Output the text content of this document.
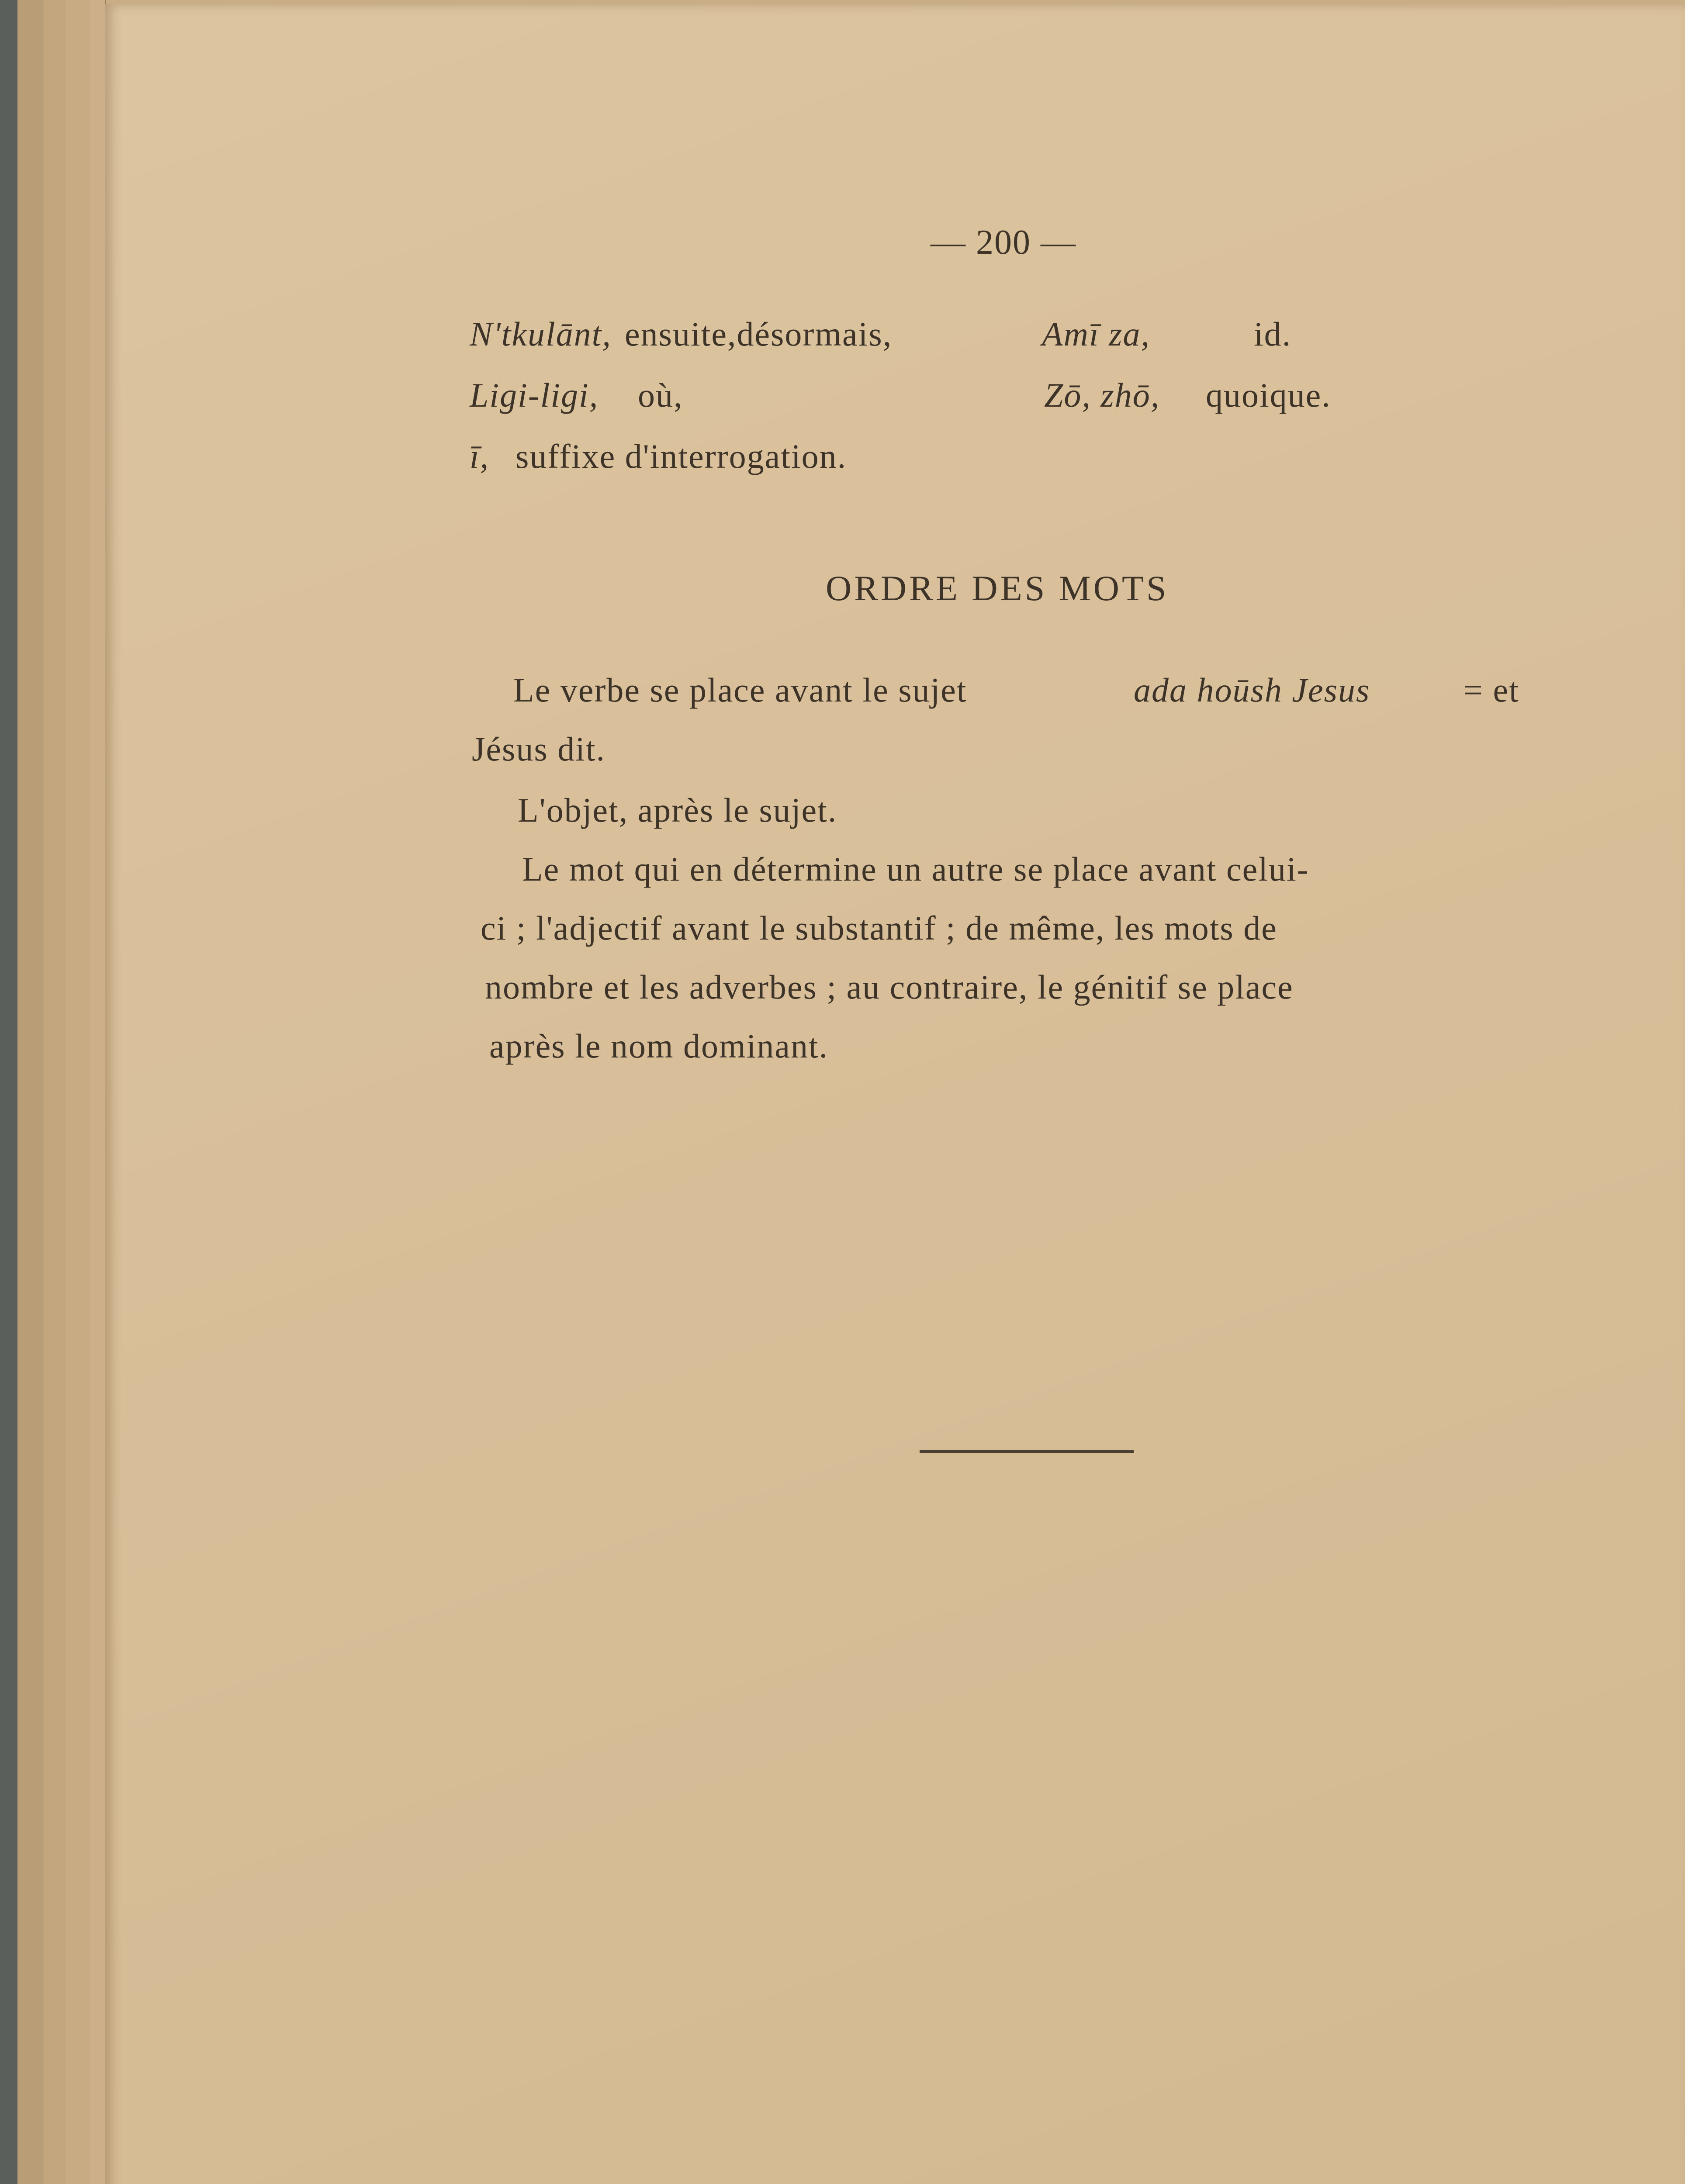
— 200 —
N'tkulānt, ensuite,désormais,	Amī za,	id.
Ligi-ligi, où,	Zō, zhō, quoique.
ī, suffixe d'interrogation.
ORDRE DES MOTS
Le verbe se place avant le sujet	ada hoūsh Jesus	= et
Jésus dit.
L'objet, après le sujet.
Le mot qui en détermine un autre se place avant celui-
ci ; l'adjectif avant le substantif ; de même, les mots de
nombre et les adverbes ; au contraire, le génitif se place
après le nom dominant.
